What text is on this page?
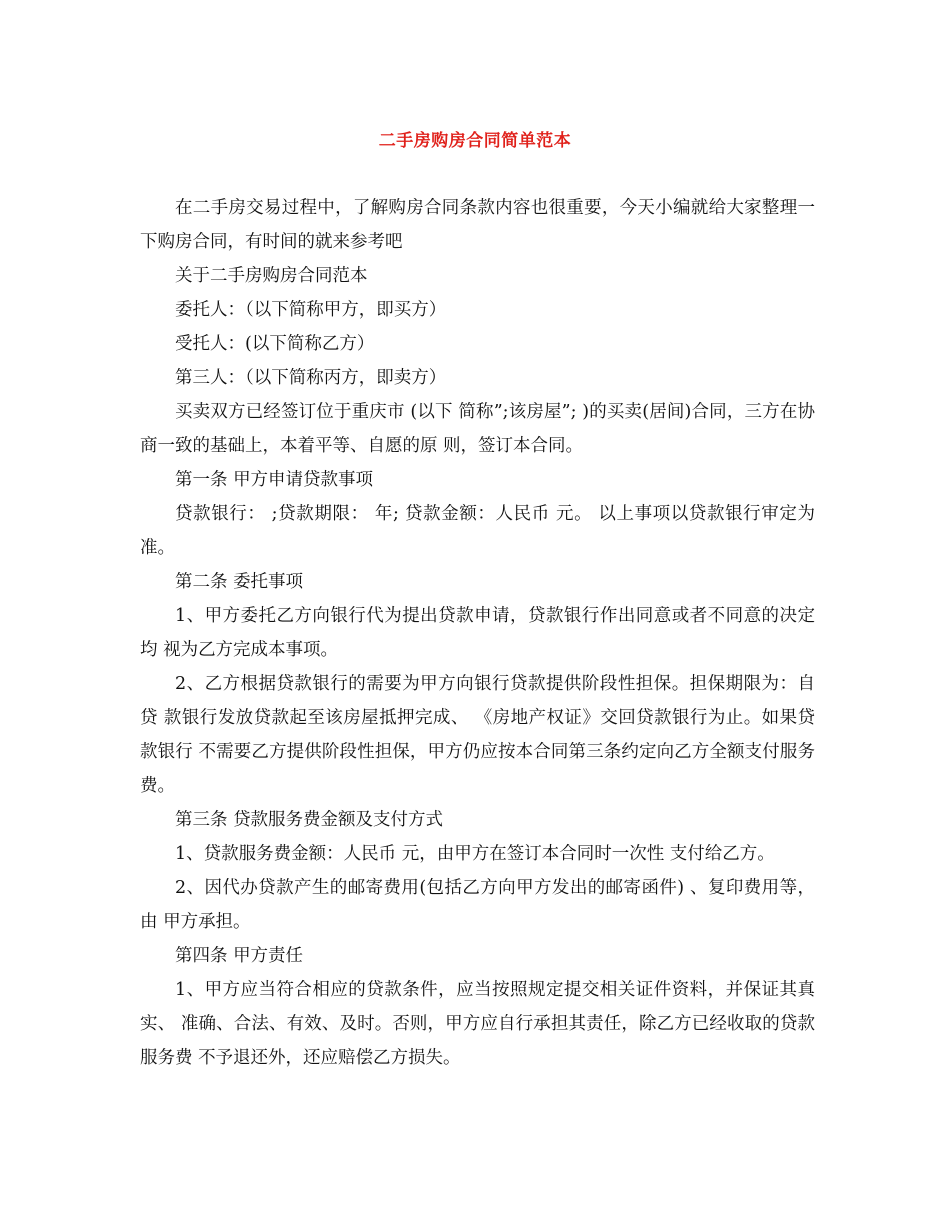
二手房购房合同简单范本

在二手房交易过程中，了解购房合同条款内容也很重要，今天小编就给大家整理一下购房合同，有时间的就来参考吧

关于二手房购房合同范本

委托人：（以下简称甲方，即买方）

受托人：(以下简称乙方）

第三人：（以下简称丙方，即卖方）

买卖双方已经签订位于重庆市 (以下 简称”;该房屋”; )的买卖(居间)合同，三方在协商一致的基础上，本着平等、自愿的原 则，签订本合同。

第一条 甲方申请贷款事项

贷款银行： ;贷款期限： 年; 贷款金额：人民币 元。 以上事项以贷款银行审定为准。

第二条 委托事项

1、甲方委托乙方向银行代为提出贷款申请，贷款银行作出同意或者不同意的决定均 视为乙方完成本事项。

2、乙方根据贷款银行的需要为甲方向银行贷款提供阶段性担保。担保期限为：自贷 款银行发放贷款起至该房屋抵押完成、 《房地产权证》交回贷款银行为止。如果贷款银行 不需要乙方提供阶段性担保，甲方仍应按本合同第三条约定向乙方全额支付服务费。

第三条 贷款服务费金额及支付方式

1、贷款服务费金额：人民币 元，由甲方在签订本合同时一次性 支付给乙方。

2、因代办贷款产生的邮寄费用(包括乙方向甲方发出的邮寄函件) 、复印费用等，由 甲方承担。

第四条 甲方责任

1、甲方应当符合相应的贷款条件，应当按照规定提交相关证件资料，并保证其真实、 准确、合法、有效、及时。否则，甲方应自行承担其责任，除乙方已经收取的贷款服务费 不予退还外，还应赔偿乙方损失。
